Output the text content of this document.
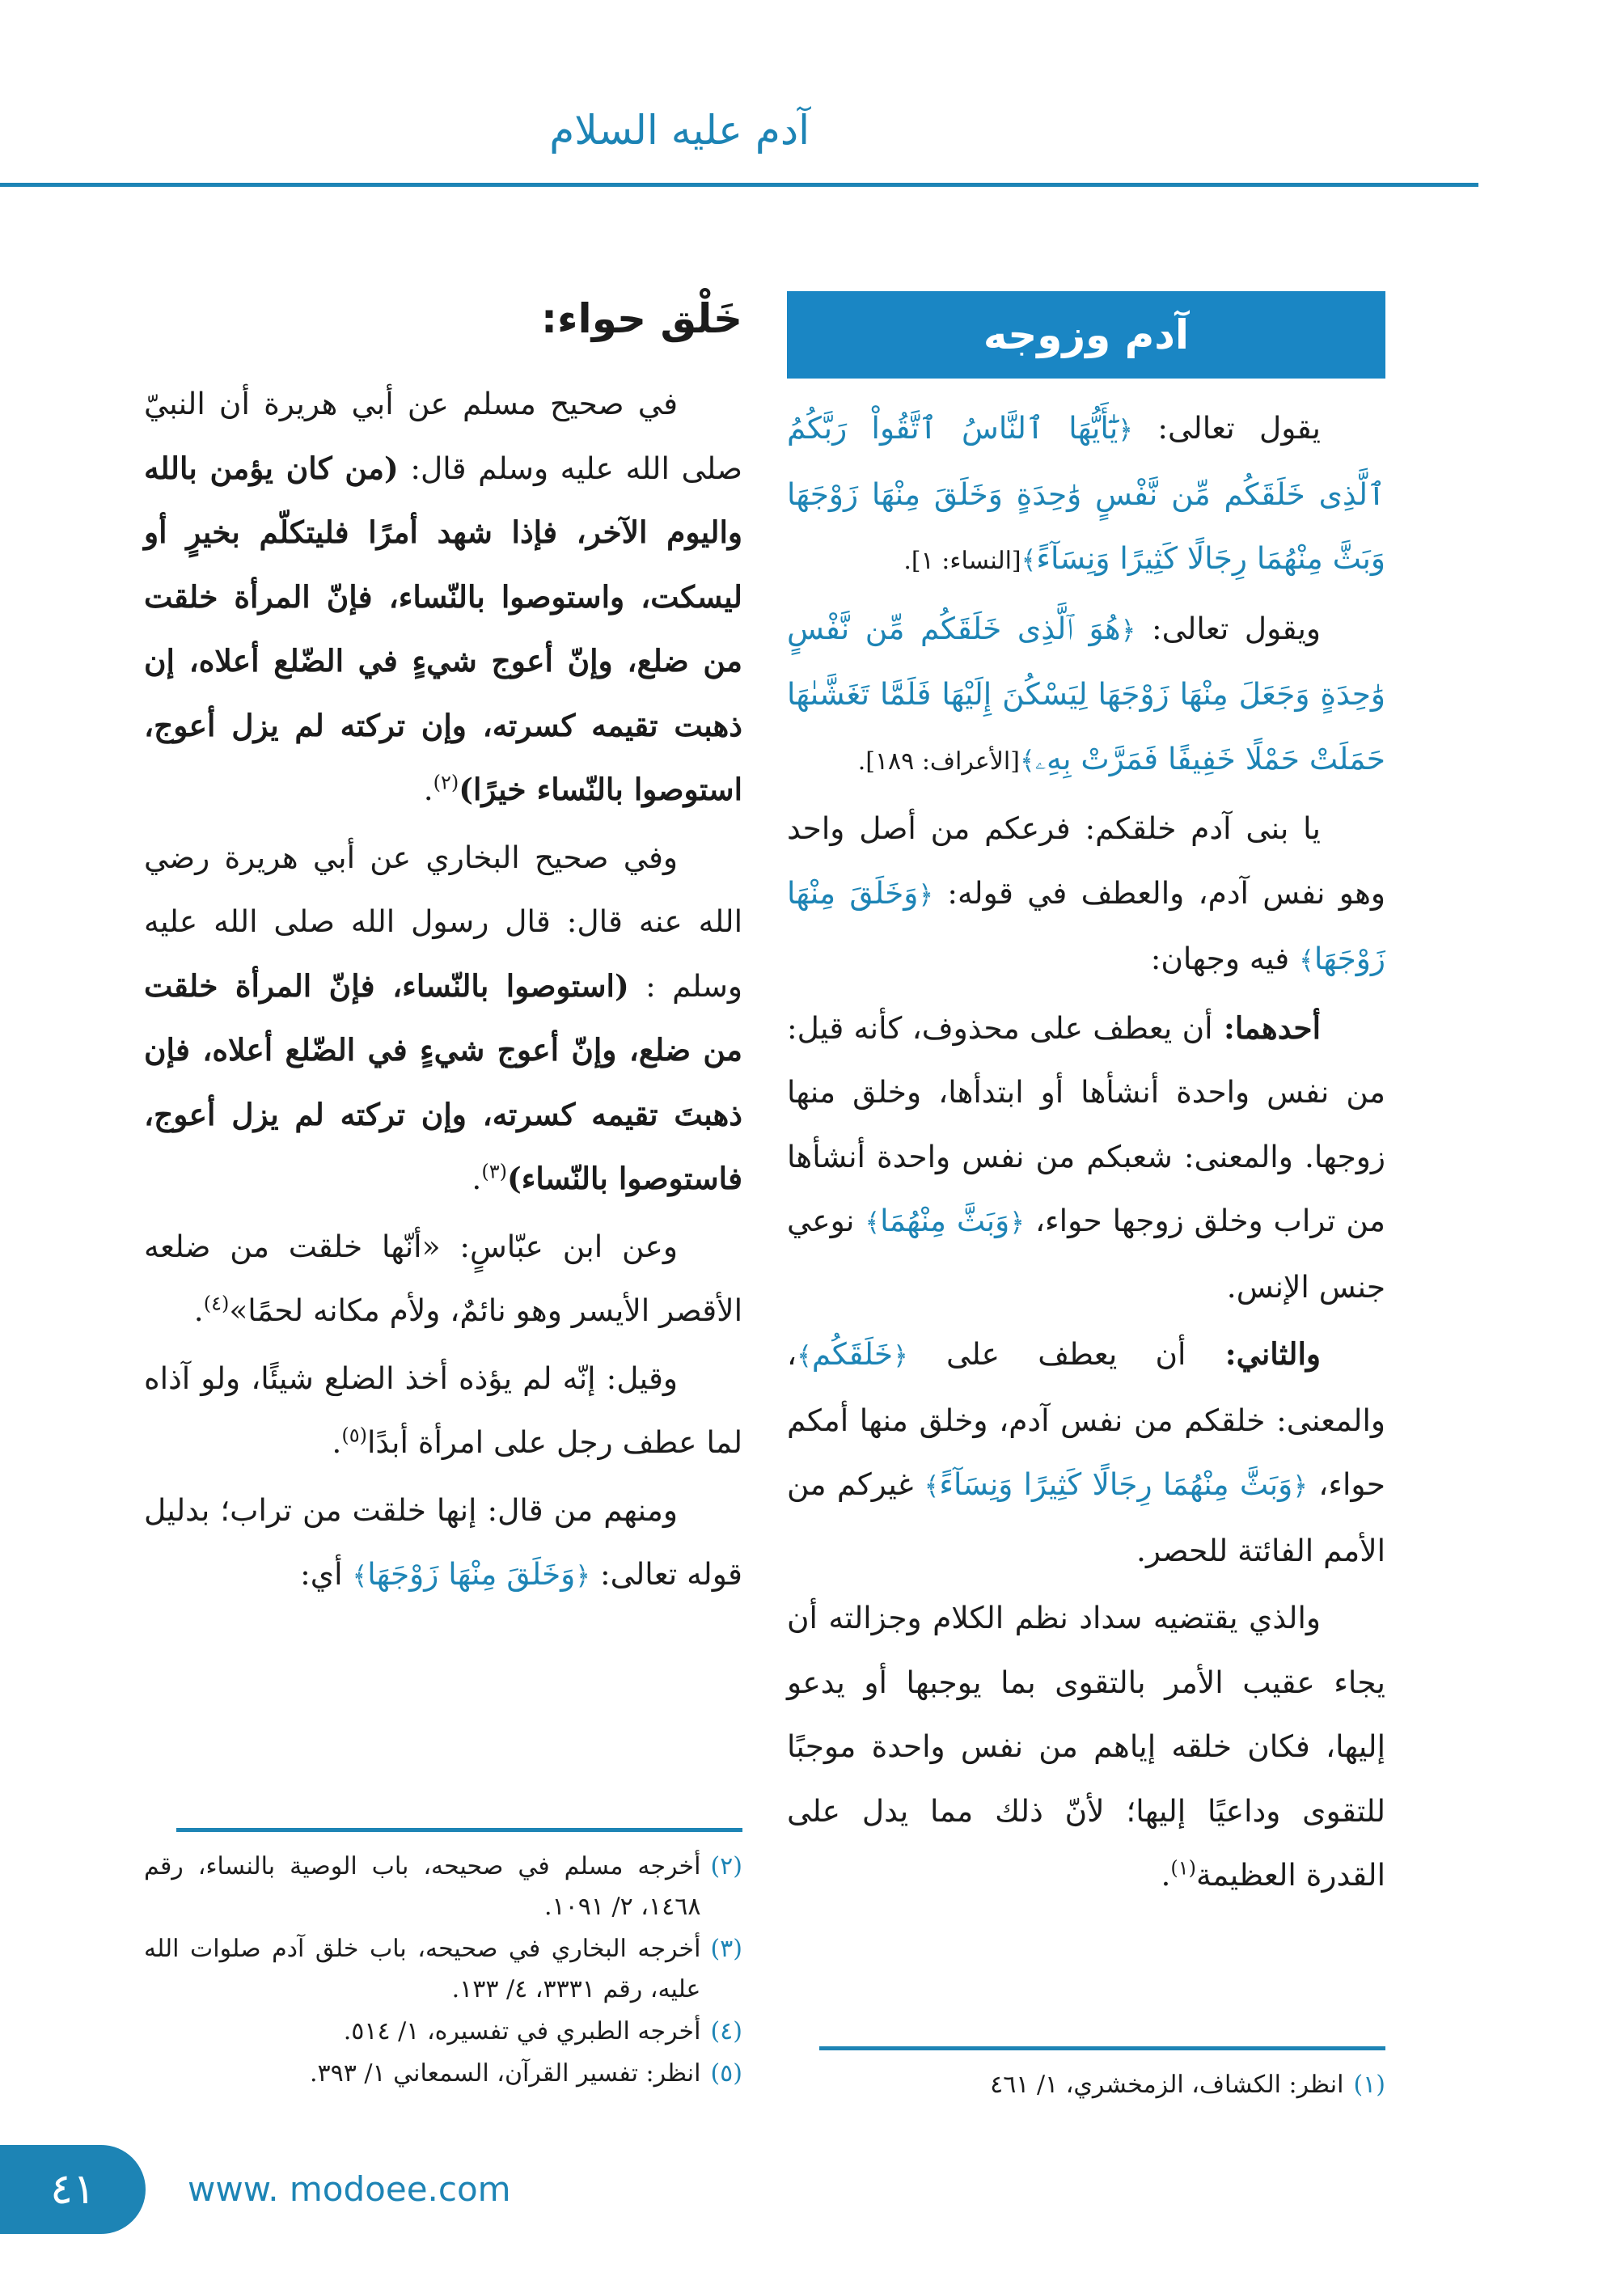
آدم عليه السلام
آدم وزوجه

يقول تعالى: ﴿يَٰٓأَيُّهَا ٱلنَّاسُ ٱتَّقُواْ رَبَّكُمُ ٱلَّذِى خَلَقَكُم مِّن نَّفْسٍ وَٰحِدَةٍ وَخَلَقَ مِنْهَا زَوْجَهَا وَبَثَّ مِنْهُمَا رِجَالًا كَثِيرًا وَنِسَآءً﴾[النساء: ١].

ويقول تعالى: ﴿هُوَ ٱلَّذِى خَلَقَكُم مِّن نَّفْسٍ وَٰحِدَةٍ وَجَعَلَ مِنْهَا زَوْجَهَا لِيَسْكُنَ إِلَيْهَا فَلَمَّا تَغَشَّىٰهَا حَمَلَتْ حَمْلًا خَفِيفًا فَمَرَّتْ بِهِۦ﴾[الأعراف: ١٨٩].

يا بنى آدم خلقكم: فرعكم من أصل واحد وهو نفس آدم، والعطف في قوله: ﴿وَخَلَقَ مِنْهَا زَوْجَهَا﴾ فيه وجهان:

أحدهما: أن يعطف على محذوف، كأنه قيل: من نفس واحدة أنشأها أو ابتدأها، وخلق منها زوجها. والمعنى: شعبكم من نفس واحدة أنشأها من تراب وخلق زوجها حواء، ﴿وَبَثَّ مِنْهُمَا﴾ نوعي جنس الإنس.

والثاني: أن يعطف على ﴿خَلَقَكُم﴾، والمعنى: خلقكم من نفس آدم، وخلق منها أمكم حواء، ﴿وَبَثَّ مِنْهُمَا رِجَالًا كَثِيرًا وَنِسَآءً﴾ غيركم من الأمم الفائتة للحصر.

والذي يقتضيه سداد نظم الكلام وجزالته أن يجاء عقيب الأمر بالتقوى بما يوجبها أو يدعو إليها، فكان خلقه إياهم من نفس واحدة موجبًا للتقوى وداعيًا إليها؛ لأنّ ذلك مما يدل على القدرة العظيمة$^{(١)}$.

(١)
انظر: الكشاف، الزمخشري، ١/ ٤٦١
خَلْق حواء:

في صحيح مسلم عن أبي هريرة أن النبيّ صلى الله عليه وسلم قال: (من كان يؤمن بالله واليوم الآخر، فإذا شهد أمرًا فليتكلّم بخيرٍ أو ليسكت، واستوصوا بالنّساء، فإنّ المرأة خلقت من ضلع، وإنّ أعوج شيءٍ في الضّلع أعلاه، إن ذهبت تقيمه كسرته، وإن تركته لم يزل أعوج، استوصوا بالنّساء خيرًا)$^{(٢)}$.

وفي صحيح البخاري عن أبي هريرة رضي الله عنه قال: قال رسول الله صلى الله عليه وسلم : (استوصوا بالنّساء، فإنّ المرأة خلقت من ضلع، وإنّ أعوج شيءٍ في الضّلع أعلاه، فإن ذهبتَ تقيمه كسرته، وإن تركته لم يزل أعوج، فاستوصوا بالنّساء)$^{(٣)}$.

وعن ابن عبّاسٍ: «أنّها خلقت من ضلعه الأقصر الأيسر وهو نائمٌ، ولأم مكانه لحمًا»$^{(٤)}$.

وقيل: إنّه لم يؤذه أخذ الضلع شيئًا، ولو آذاه لما عطف رجل على امرأة أبدًا$^{(٥)}$.

ومنهم من قال: إنها خلقت من تراب؛ بدليل قوله تعالى: ﴿وَخَلَقَ مِنْهَا زَوْجَهَا﴾ أي:

(٢)
أخرجه مسلم في صحيحه، باب الوصية بالنساء، رقم ١٤٦٨، ٢/ ١٠٩١.
(٣)
أخرجه البخاري في صحيحه، باب خلق آدم صلوات الله عليه، رقم ٣٣٣١، ٤/ ١٣٣.
(٤)
أخرجه الطبري في تفسيره، ١/ ٥١٤.
(٥)
انظر: تفسير القرآن، السمعاني ١/ ٣٩٣.
٤١	www. modoee.com
